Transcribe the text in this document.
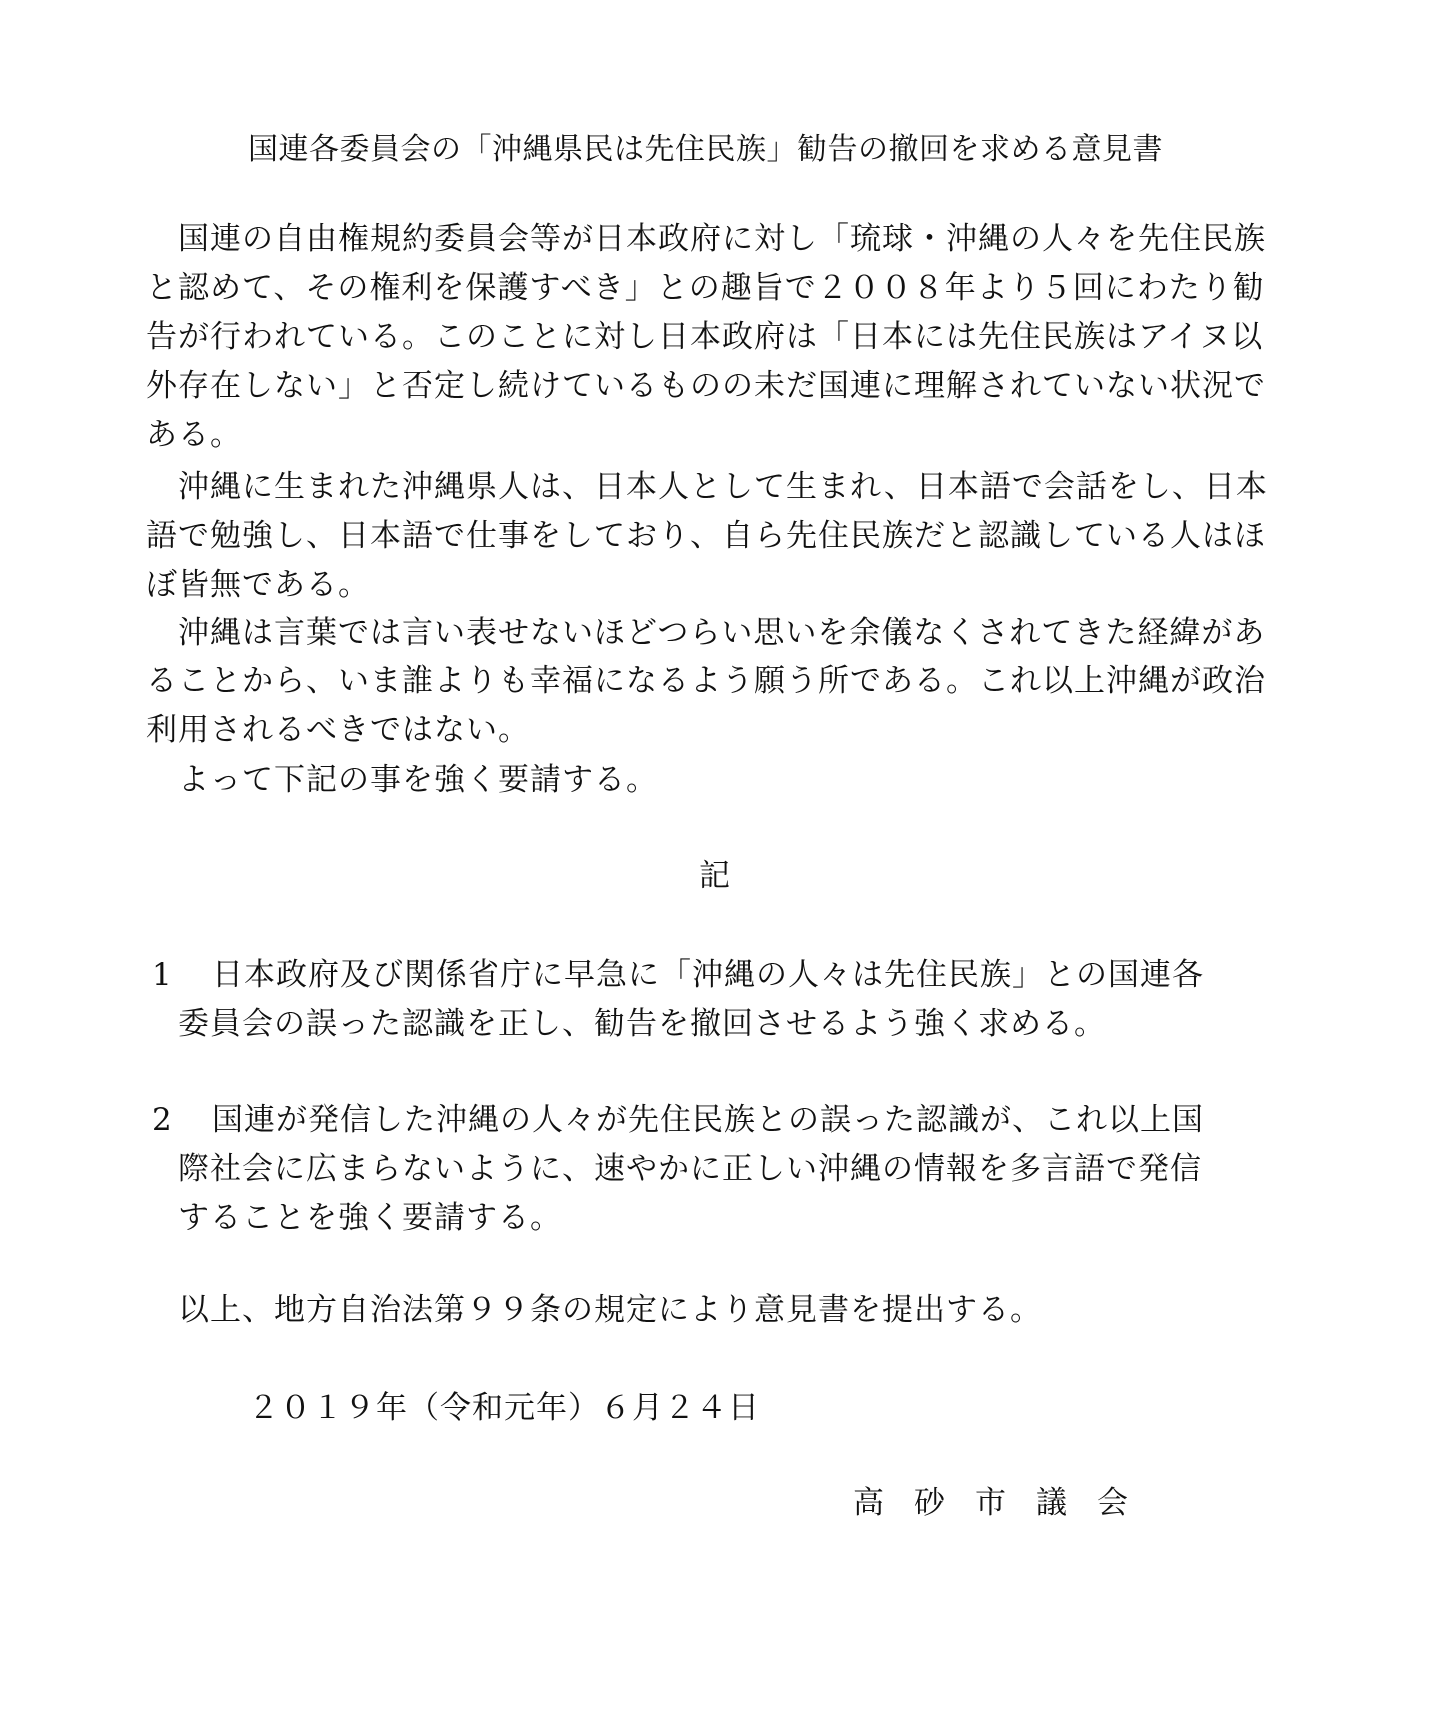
国連各委員会の「沖縄県民は先住民族」勧告の撤回を求める意見書
国連の自由権規約委員会等が日本政府に対し「琉球・沖縄の人々を先住民族
と認めて、その権利を保護すべき」との趣旨で２００８年より５回にわたり勧
告が行われている。このことに対し日本政府は「日本には先住民族はアイヌ以
外存在しない」と否定し続けているものの未だ国連に理解されていない状況で
ある。
沖縄に生まれた沖縄県人は、日本人として生まれ、日本語で会話をし、日本
語で勉強し、日本語で仕事をしており、自ら先住民族だと認識している人はほ
ぼ皆無である。
沖縄は言葉では言い表せないほどつらい思いを余儀なくされてきた経緯があ
ることから、いま誰よりも幸福になるよう願う所である。これ以上沖縄が政治
利用されるべきではない。
よって下記の事を強く要請する。
記
1 日本政府及び関係省庁に早急に「沖縄の人々は先住民族」との国連各
委員会の誤った認識を正し、勧告を撤回させるよう強く求める。
2 国連が発信した沖縄の人々が先住民族との誤った認識が、これ以上国
際社会に広まらないように、速やかに正しい沖縄の情報を多言語で発信
することを強く要請する。
以上、地方自治法第９９条の規定により意見書を提出する。
２０１９年（令和元年）６月２４日
高砂市議会
